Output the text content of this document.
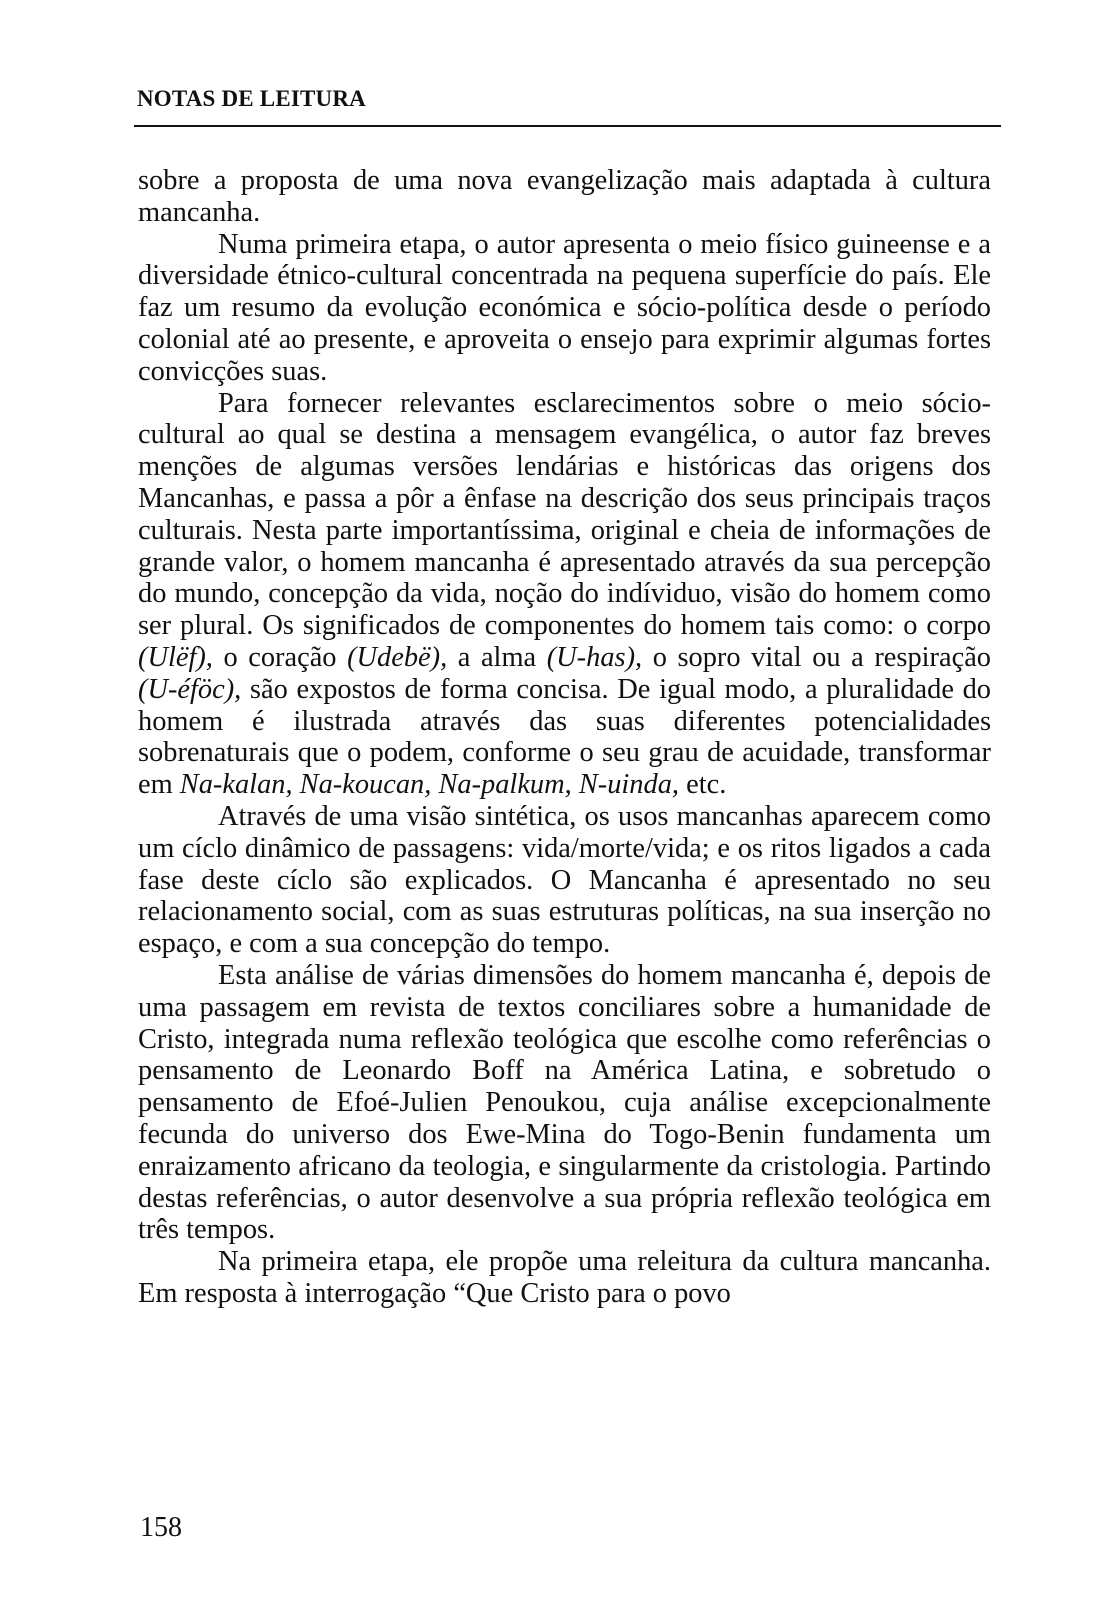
NOTAS DE LEITURA

sobre a proposta de uma nova evangelização mais adaptada à cultura mancanha.

Numa primeira etapa, o autor apresenta o meio físico guineense e a diversidade étnico-cultural concentrada na pequena superfície do país. Ele faz um resumo da evolução económica e sócio-política desde o período colonial até ao presente, e aproveita o ensejo para exprimir algumas fortes convicções suas.

Para fornecer relevantes esclarecimentos sobre o meio sócio-cultural ao qual se destina a mensagem evangélica, o autor faz breves menções de algumas versões lendárias e históricas das origens dos Mancanhas, e passa a pôr a ênfase na descrição dos seus principais traços culturais. Nesta parte importantíssima, original e cheia de informações de grande valor, o homem mancanha é apresentado através da sua percepção do mundo, concepção da vida, noção do indíviduo, visão do homem como ser plural. Os significados de componentes do homem tais como: o corpo (Ulëf), o coração (Udebë), a alma (U-has), o sopro vital ou a respiração (U-éföc), são expostos de forma concisa. De igual modo, a pluralidade do homem é ilustrada através das suas diferentes potencialidades sobrenaturais que o podem, conforme o seu grau de acuidade, transformar em Na-kalan, Na-koucan, Na-palkum, N-uinda, etc.

Através de uma visão sintética, os usos mancanhas aparecem como um cíclo dinâmico de passagens: vida/morte/vida; e os ritos ligados a cada fase deste cíclo são explicados. O Mancanha é apresentado no seu relacionamento social, com as suas estruturas políticas, na sua inserção no espaço, e com a sua concepção do tempo.

Esta análise de várias dimensões do homem mancanha é, depois de uma passagem em revista de textos conciliares sobre a humanidade de Cristo, integrada numa reflexão teológica que escolhe como referências o pensamento de Leonardo Boff na América Latina, e sobretudo o pensamento de Efoé-Julien Penoukou, cuja análise excepcionalmente fecunda do universo dos Ewe-Mina do Togo-Benin fundamenta um enraizamento africano da teologia, e singularmente da cristologia. Partindo destas referências, o autor desenvolve a sua própria reflexão teológica em três tempos.

Na primeira etapa, ele propõe uma releitura da cultura mancanha. Em resposta à interrogação “Que Cristo para o povo

158
